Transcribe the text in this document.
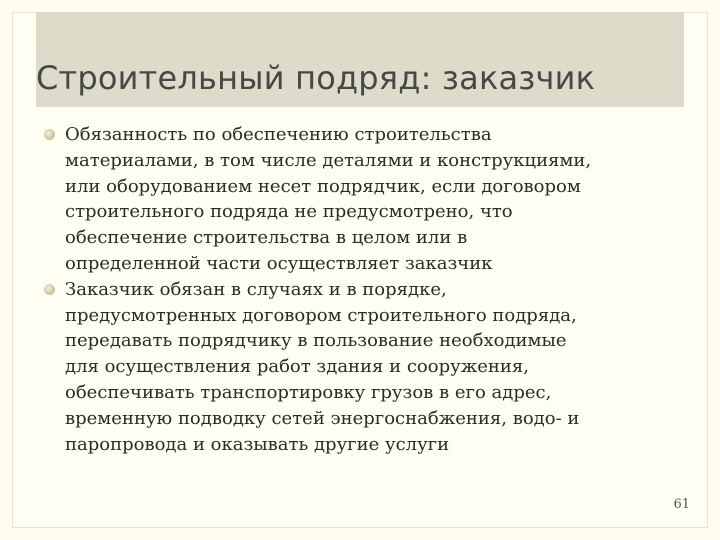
Строительный подряд: заказчик
Обязанность по обеспечению строительства
материалами, в том числе деталями и конструкциями,
или оборудованием несет подрядчик, если договором
строительного подряда не предусмотрено, что
обеспечение строительства в целом или в
определенной части осуществляет заказчик
Заказчик обязан в случаях и в порядке,
предусмотренных договором строительного подряда,
передавать подрядчику в пользование необходимые
для осуществления работ здания и сооружения,
обеспечивать транспортировку грузов в его адрес,
временную подводку сетей энергоснабжения, водо- и
паропровода и оказывать другие услуги
61
